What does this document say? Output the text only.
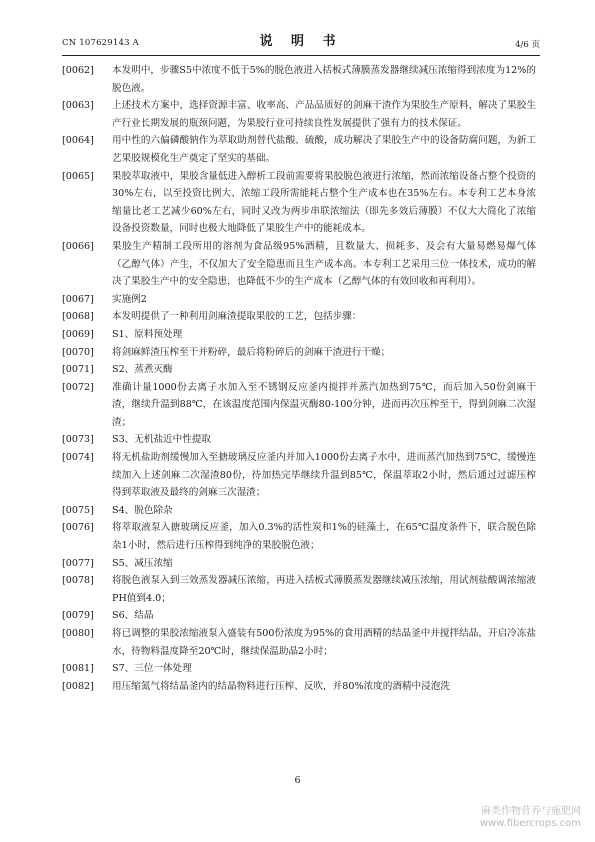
CN 107629143 A	说 明 书	4/6 页
[0062]	本发明中，步骤S5中浓度不低于5%的脱色液进入括板式薄膜蒸发器继续减压浓缩得到浓度为12%的脱色液。
[0063]	上述技术方案中，选择资源丰富、收率高、产品品质好的剑麻干渣作为果胶生产原料，解决了果胶生产行业长期发展的瓶颈问题，为果胶行业可持续良性发展提供了强有力的技术保证。
[0064]	用中性的六偏磷酸钠作为萃取助剂替代盐酸、硫酸，成功解决了果胶生产中的设备防腐问题，为新工艺果胶规模化生产奠定了坚实的基础。
[0065]	果胶萃取液中，果胶含量低进入醇析工段前需要将果胶脱色液进行浓缩，然而浓缩设备占整个投资的30%左右，以至投资比例大、浓缩工段所需能耗占整个生产成本也在35%左右。本专利工艺本身浓缩量比老工艺减少60%左右，同时又改为两步串联浓缩法（即先多效后薄膜）不仅大大简化了浓缩设备投资数量，同时也极大地降低了果胶生产中的能耗成本。
[0066]	果胶生产精制工段所用的溶剂为食品级95%酒精，且数量大、损耗多、及会有大量易燃易爆气体（乙醇气体）产生，不仅加大了安全隐患而且生产成本高。本专利工艺采用三位一体技术，成功的解决了果胶生产中的安全隐患，也降低不少的生产成本（乙醇气体的有效回收和再利用）。
[0067]	实施例2
[0068]	本发明提供了一种利用剑麻渣提取果胶的工艺，包括步骤：
[0069]	S1、原料预处理
[0070]	将剑麻鲜渣压榨至干并粉碎，最后将粉碎后的剑麻干渣进行干燥；
[0071]	S2、蒸煮灭酶
[0072]	准确计量1000份去离子水加入至不锈钢反应釜内搅拌并蒸汽加热到75℃，而后加入50份剑麻干渣，继续升温到88℃，在该温度范围内保温灭酶80-100分钟，进而再次压榨至干，得到剑麻二次湿渣；
[0073]	S3、无机盐近中性提取
[0074]	将无机盐助剂缓慢加入至搪玻璃反应釜内并加入1000份去离子水中，进而蒸汽加热到75℃，缓慢连续加入上述剑麻二次湿渣80份，待加热完毕继续升温到85℃，保温萃取2小时，然后通过过滤压榨得到萃取液及最终的剑麻三次湿渣；
[0075]	S4、脱色除杂
[0076]	将萃取液泵入搪玻璃反应釜，加入0.3%的活性炭和1%的硅藻土，在65℃温度条件下，联合脱色除杂1小时，然后进行压榨得到纯净的果胶脱色液；
[0077]	S5、减压浓缩
[0078]	将脱色液泵入到三效蒸发器减压浓缩，再进入括板式薄膜蒸发器继续减压浓缩，用试剂盐酸调浓缩液PH值到4.0；
[0079]	S6、结晶
[0080]	将已调整的果胶浓缩液泵入盛装有500份浓度为95%的食用酒精的结晶釜中并搅拌结晶，开启冷冻盐水，待物料温度降至20℃时，继续保温助晶2小时；
[0081]	S7、三位一体处理
[0082]	用压缩氮气将结晶釜内的结晶物料进行压榨、反吹，并80%浓度的酒精中浸泡洗
6
麻类作物营养与施肥网
www.fibercrops.com
